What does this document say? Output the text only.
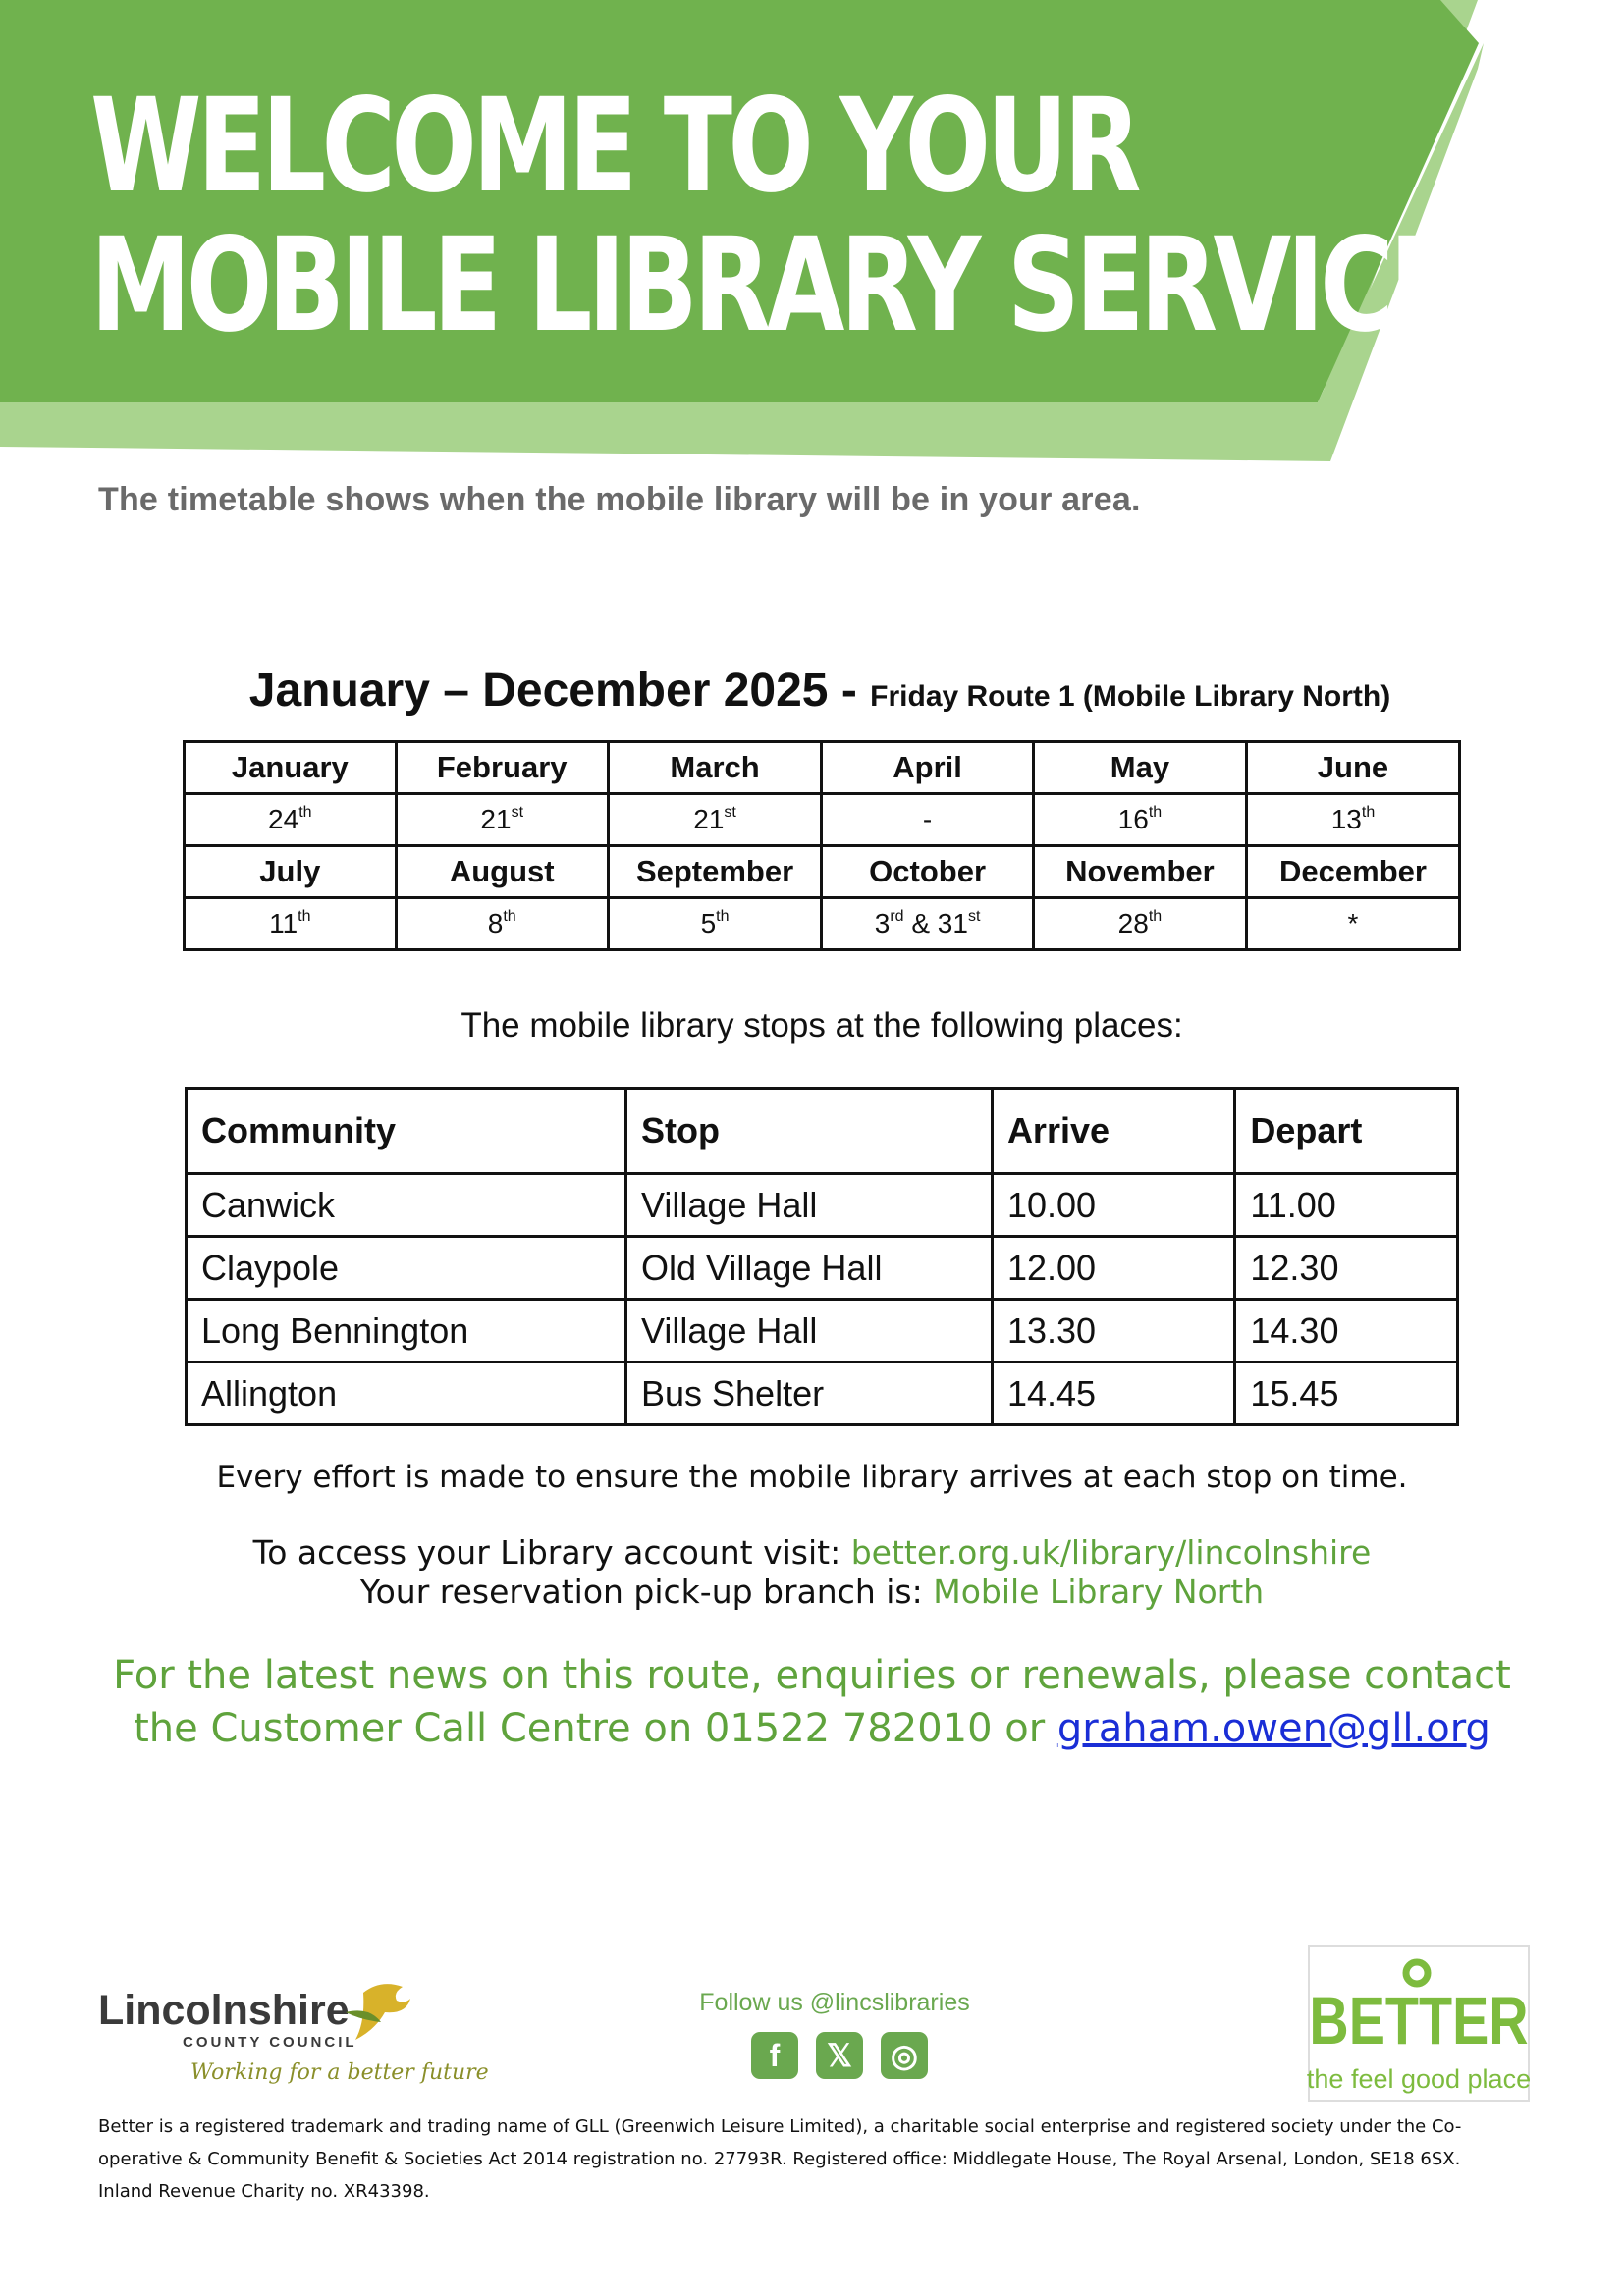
WELCOME TO YOUR
MOBILE LIBRARY SERVICE

The timetable shows when the mobile library will be in your area.

January – December 2025 - Friday Route 1 (Mobile Library North)
January	February	March	April	May	June
24th	21st	21st	-	16th	13th
July	August	September	October	November	December
11th	8th	5th	3rd & 31st	28th	*

The mobile library stops at the following places:

Community	Stop	Arrive	Depart
Canwick	Village Hall	10.00	11.00
Claypole	Old Village Hall	12.00	12.30
Long Bennington	Village Hall	13.30	14.30
Allington	Bus Shelter	14.45	15.45

Every effort is made to ensure the mobile library arrives at each stop on time.

To access your Library account visit: better.org.uk/library/lincolnshire
Your reservation pick-up branch is: Mobile Library North

For the latest news on this route, enquiries or renewals, please contact
the Customer Call Centre on 01522 782010 or graham.owen@gll.org

Lincolnshire
COUNTY COUNCIL
Working for a better future

Follow us @lincslibraries

f	𝕏	◎	BETTER
the feel good place

Better is a registered trademark and trading name of GLL (Greenwich Leisure Limited), a charitable social enterprise and registered society under the Co-operative & Community Benefit & Societies Act 2014 registration no. 27793R. Registered office: Middlegate House, The Royal Arsenal, London, SE18 6SX. Inland Revenue Charity no. XR43398.
